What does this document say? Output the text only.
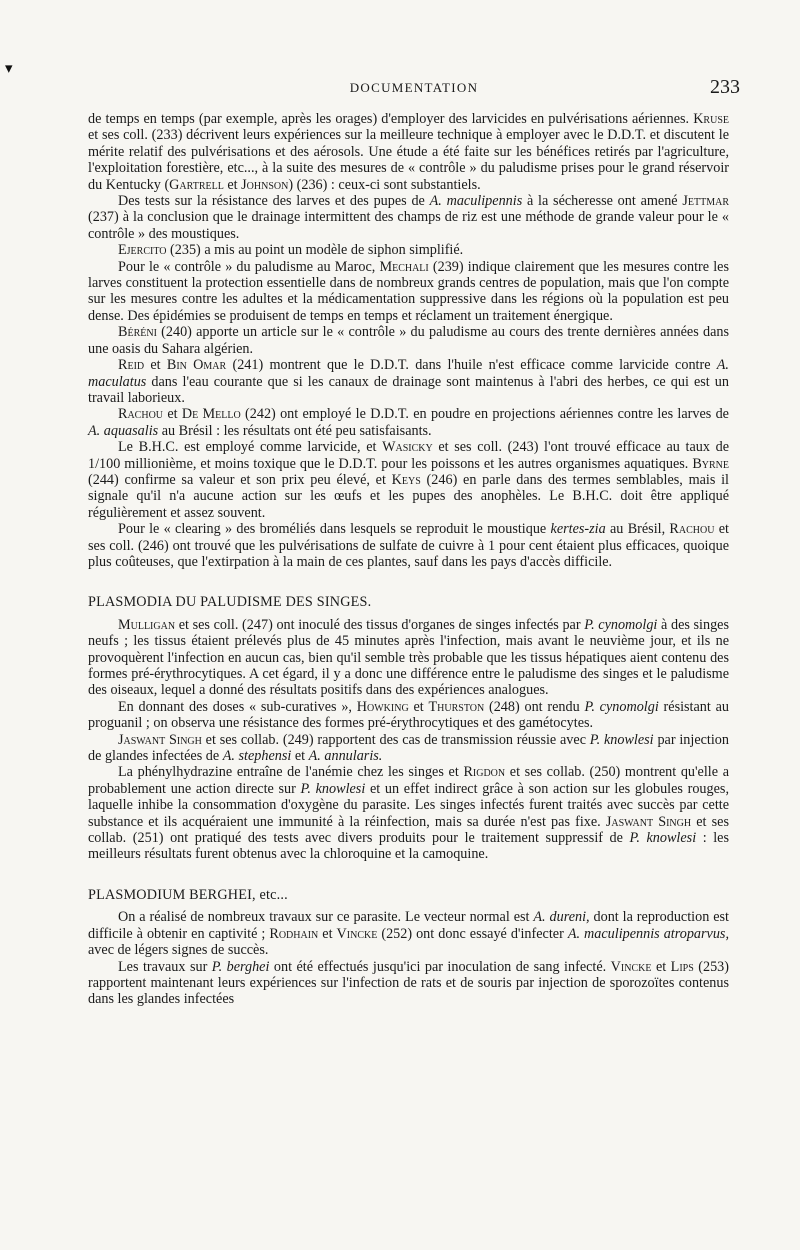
▾
DOCUMENTATION	233

de temps en temps (par exemple, après les orages) d'employer des larvicides en pulvérisations aériennes. Kruse et ses coll. (233) décrivent leurs expériences sur la meilleure technique à employer avec le D.D.T. et discutent le mérite relatif des pulvérisations et des aérosols. Une étude a été faite sur les bénéfices retirés par l'agriculture, l'exploitation forestière, etc..., à la suite des mesures de « contrôle » du paludisme prises pour le grand réservoir du Kentucky (Gartrell et Johnson) (236) : ceux-ci sont substantiels.

Des tests sur la résistance des larves et des pupes de A. maculipennis à la sécheresse ont amené Jettmar (237) à la conclusion que le drainage intermittent des champs de riz est une méthode de grande valeur pour le « contrôle » des moustiques.

Ejercito (235) a mis au point un modèle de siphon simplifié.

Pour le « contrôle » du paludisme au Maroc, Mechali (239) indique clairement que les mesures contre les larves constituent la protection essentielle dans de nombreux grands centres de population, mais que l'on compte sur les mesures contre les adultes et la médicamentation suppressive dans les régions où la population est peu dense. Des épidémies se produisent de temps en temps et réclament un traitement énergique.

Béréni (240) apporte un article sur le « contrôle » du paludisme au cours des trente dernières années dans une oasis du Sahara algérien.

Reid et Bin Omar (241) montrent que le D.D.T. dans l'huile n'est efficace comme larvicide contre A. maculatus dans l'eau courante que si les canaux de drainage sont maintenus à l'abri des herbes, ce qui est un travail laborieux.

Rachou et De Mello (242) ont employé le D.D.T. en poudre en projections aériennes contre les larves de A. aquasalis au Brésil : les résultats ont été peu satisfaisants.

Le B.H.C. est employé comme larvicide, et Wasicky et ses coll. (243) l'ont trouvé efficace au taux de 1/100 millionième, et moins toxique que le D.D.T. pour les poissons et les autres organismes aquatiques. Byrne (244) confirme sa valeur et son prix peu élevé, et Keys (246) en parle dans des termes semblables, mais il signale qu'il n'a aucune action sur les œufs et les pupes des anophèles. Le B.H.C. doit être appliqué régulièrement et assez souvent.

Pour le « clearing » des broméliés dans lesquels se reproduit le moustique kertes-zia au Brésil, Rachou et ses coll. (246) ont trouvé que les pulvérisations de sulfate de cuivre à 1 pour cent étaient plus efficaces, quoique plus coûteuses, que l'extirpation à la main de ces plantes, sauf dans les pays d'accès difficile.

PLASMODIA DU PALUDISME DES SINGES.

Mulligan et ses coll. (247) ont inoculé des tissus d'organes de singes infectés par P. cynomolgi à des singes neufs ; les tissus étaient prélevés plus de 45 minutes après l'infection, mais avant le neuvième jour, et ils ne provoquèrent l'infection en aucun cas, bien qu'il semble très probable que les tissus hépatiques aient contenu des formes pré-érythrocytiques. A cet égard, il y a donc une différence entre le paludisme des singes et le paludisme des oiseaux, lequel a donné des résultats positifs dans des expériences analogues.

En donnant des doses « sub-curatives », Howking et Thurston (248) ont rendu P. cynomolgi résistant au proguanil ; on observa une résistance des formes pré-érythrocytiques et des gamétocytes.

Jaswant Singh et ses collab. (249) rapportent des cas de transmission réussie avec P. knowlesi par injection de glandes infectées de A. stephensi et A. annularis.

La phénylhydrazine entraîne de l'anémie chez les singes et Rigdon et ses collab. (250) montrent qu'elle a probablement une action directe sur P. knowlesi et un effet indirect grâce à son action sur les globules rouges, laquelle inhibe la consommation d'oxygène du parasite. Les singes infectés furent traités avec succès par cette substance et ils acquéraient une immunité à la réinfection, mais sa durée n'est pas fixe. Jaswant Singh et ses collab. (251) ont pratiqué des tests avec divers produits pour le traitement suppressif de P. knowlesi : les meilleurs résultats furent obtenus avec la chloroquine et la camoquine.

PLASMODIUM BERGHEI, etc...

On a réalisé de nombreux travaux sur ce parasite. Le vecteur normal est A. dureni, dont la reproduction est difficile à obtenir en captivité ; Rodhain et Vincke (252) ont donc essayé d'infecter A. maculipennis atroparvus, avec de légers signes de succès.

Les travaux sur P. berghei ont été effectués jusqu'ici par inoculation de sang infecté. Vincke et Lips (253) rapportent maintenant leurs expériences sur l'infection de rats et de souris par injection de sporozoïtes contenus dans les glandes infectées
